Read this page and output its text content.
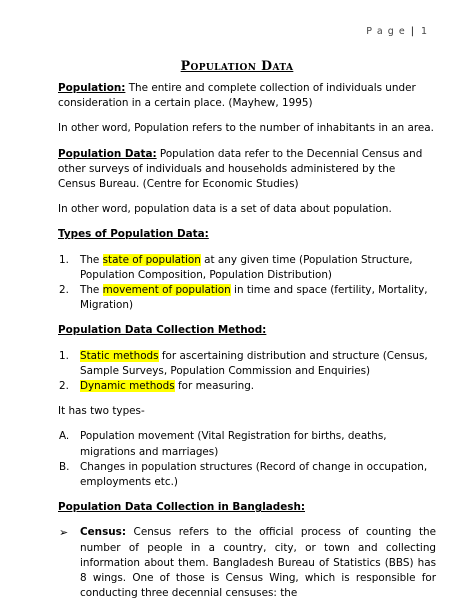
P a g e | 1
Population Data

Population: The entire and complete collection of individuals under consideration in a certain place. (Mayhew, 1995)

In other word, Population refers to the number of inhabitants in an area.

Population Data: Population data refer to the Decennial Census and other surveys of individuals and households administered by the Census Bureau. (Centre for Economic Studies)

In other word, population data is a set of data about population.

Types of Population Data:

1.	The state of population at any given time (Population Structure, Population Composition, Population Distribution)
2.	The movement of population in time and space (fertility, Mortality, Migration)

Population Data Collection Method:

1.	Static methods for ascertaining distribution and structure (Census, Sample Surveys, Population Commission and Enquiries)
2.	Dynamic methods for measuring.

It has two types-

A.	Population movement (Vital Registration for births, deaths, migrations and marriages)
B.	Changes in population structures (Record of change in occupation, employments etc.)

Population Data Collection in Bangladesh:

➢	Census: Census refers to the official process of counting the number of people in a country, city, or town and collecting information about them. Bangladesh Bureau of Statistics (BBS) has 8 wings. One of those is Census Wing, which is responsible for conducting three decennial censuses: the
